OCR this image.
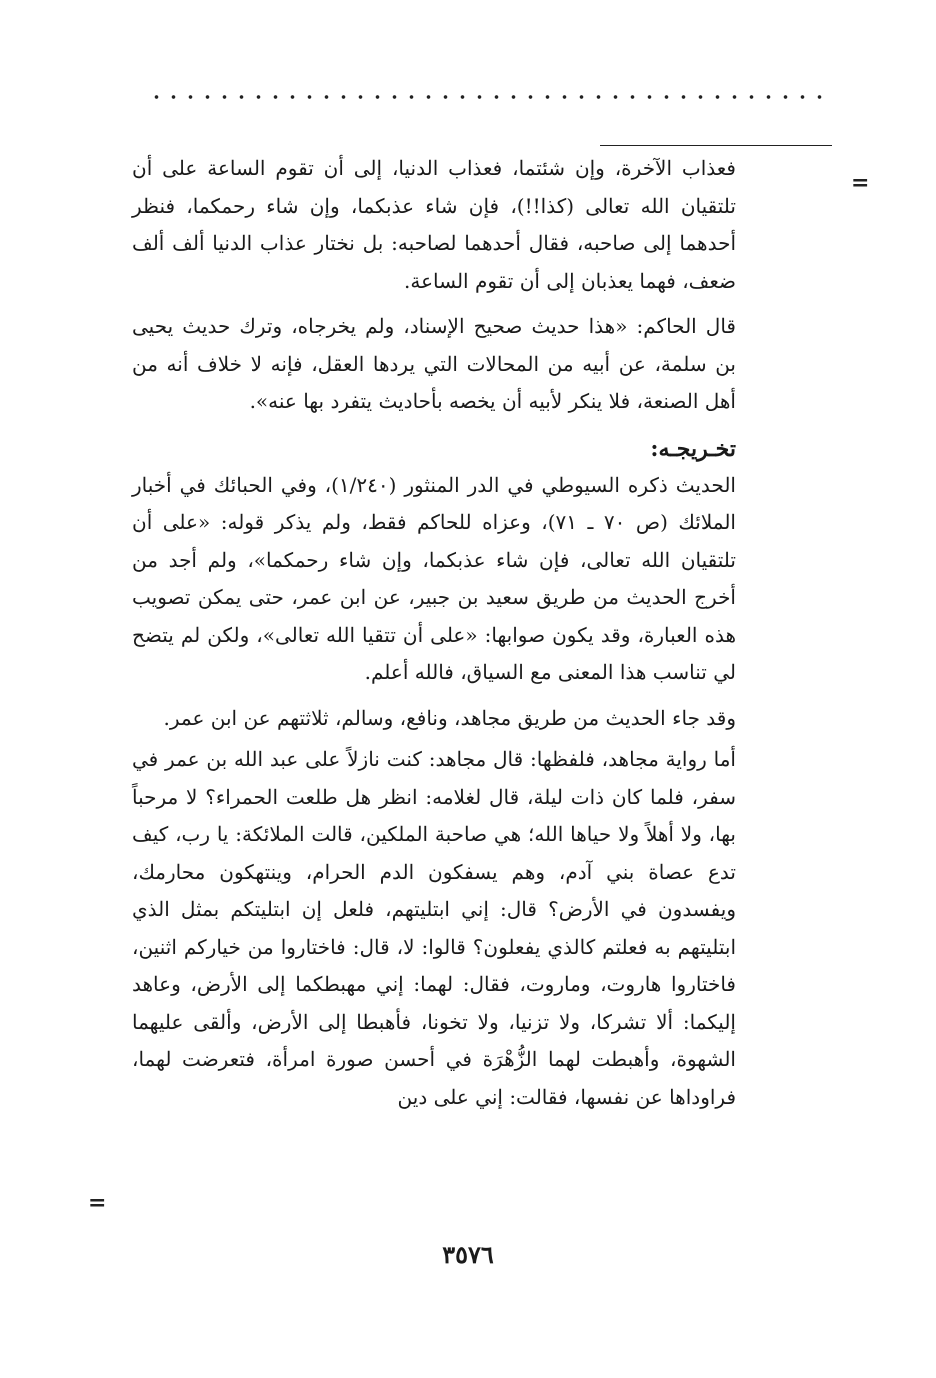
=

فعذاب الآخرة، وإن شئتما، فعذاب الدنيا، إلى أن تقوم الساعة على أن تلتقيان الله تعالى (كذا!!)، فإن شاء عذبكما، وإن شاء رحمكما، فنظر أحدهما إلى صاحبه، فقال أحدهما لصاحبه: بل نختار عذاب الدنيا ألف ألف ضعف، فهما يعذبان إلى أن تقوم الساعة.

قال الحاكم: «هذا حديث صحيح الإسناد، ولم يخرجاه، وترك حديث يحيى بن سلمة، عن أبيه من المحالات التي يردها العقل، فإنه لا خلاف أنه من أهل الصنعة، فلا ينكر لأبيه أن يخصه بأحاديث يتفرد بها عنه».

تخـريجـه:

الحديث ذكره السيوطي في الدر المنثور (١/٢٤٠)، وفي الحبائك في أخبار الملائك (ص ٧٠ ـ ٧١)، وعزاه للحاكم فقط، ولم يذكر قوله: «على أن تلتقيان الله تعالى، فإن شاء عذبكما، وإن شاء رحمكما»، ولم أجد من أخرج الحديث من طريق سعيد بن جبير، عن ابن عمر، حتى يمكن تصويب هذه العبارة، وقد يكون صوابها: «على أن تتقيا الله تعالى»، ولكن لم يتضح لي تناسب هذا المعنى مع السياق، فالله أعلم.

وقد جاء الحديث من طريق مجاهد، ونافع، وسالم، ثلاثتهم عن ابن عمر.

أما رواية مجاهد، فلفظها: قال مجاهد: كنت نازلاً على عبد الله بن عمر في سفر، فلما كان ذات ليلة، قال لغلامه: انظر هل طلعت الحمراء؟ لا مرحباً بها، ولا أهلاً ولا حياها الله؛ هي صاحبة الملكين، قالت الملائكة: يا رب، كيف تدع عصاة بني آدم، وهم يسفكون الدم الحرام، وينتهكون محارمك، ويفسدون في الأرض؟ قال: إني ابتليتهم، فلعل إن ابتليتكم بمثل الذي ابتليتهم به فعلتم كالذي يفعلون؟ قالوا: لا، قال: فاختاروا من خياركم اثنين، فاختاروا هاروت، وماروت، فقال: لهما: إني مهبطكما إلى الأرض، وعاهد إليكما: ألا تشركا، ولا تزنيا، ولا تخونا، فأهبطا إلى الأرض، وألقى عليهما الشهوة، وأهبطت لهما الزُّهْرَة في أحسن صورة امرأة، فتعرضت لهما، فراوداها عن نفسها، فقالت: إني على دين

=
٣٥٧٦
